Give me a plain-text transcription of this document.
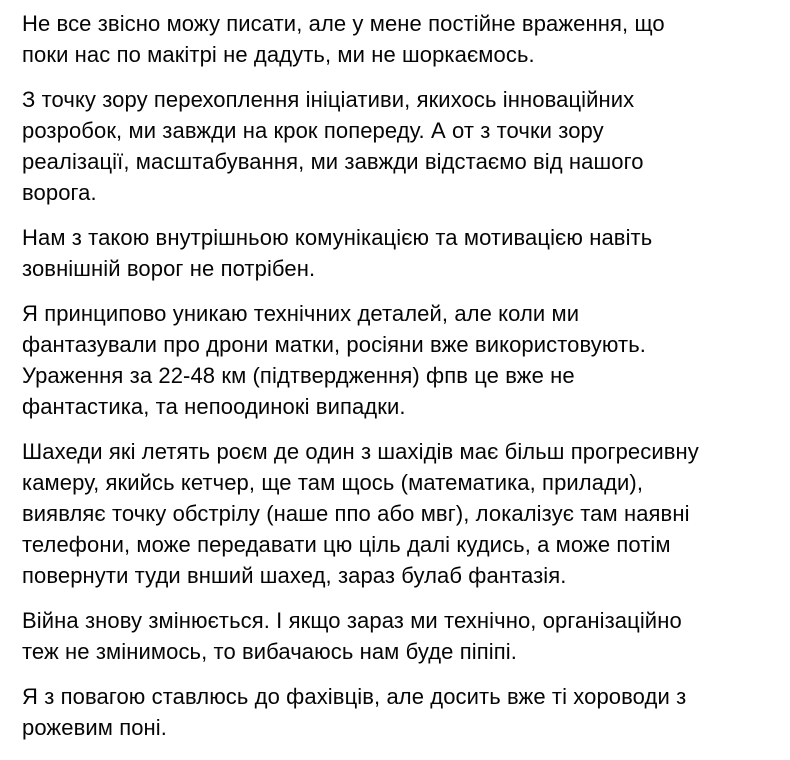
Не все звісно можу писати, але у мене постійне враження, що
поки нас по макітрі не дадуть, ми не шоркаємось.

З точку зору перехоплення ініціативи, якихось інноваційних
розробок, ми завжди на крок попереду. А от з точки зору
реалізації, масштабування, ми завжди відстаємо від нашого
ворога.

Нам з такою внутрішньою комунікацією та мотивацією навіть
зовнішній ворог не потрібен.

Я принципово уникаю технічних деталей, але коли ми
фантазували про дрони матки, росіяни вже використовують.
Ураження за 22-48 км (підтвердження) фпв це вже не
фантастика, та непоодинокі випадки.

Шахеди які летять роєм де один з шахідів має більш прогресивну
камеру, якийсь кетчер, ще там щось (математика, прилади),
виявляє точку обстрілу (наше ппо або мвг), локалізує там наявні
телефони, може передавати цю ціль далі кудись, а може потім
повернути туди внший шахед, зараз булаб фантазія.

Війна знову змінюється. І якщо зараз ми технічно, організаційно
теж не змінимось, то вибачаюсь нам буде піпіпі.

Я з повагою ставлюсь до фахівців, але досить вже ті хороводи з
рожевим поні.
